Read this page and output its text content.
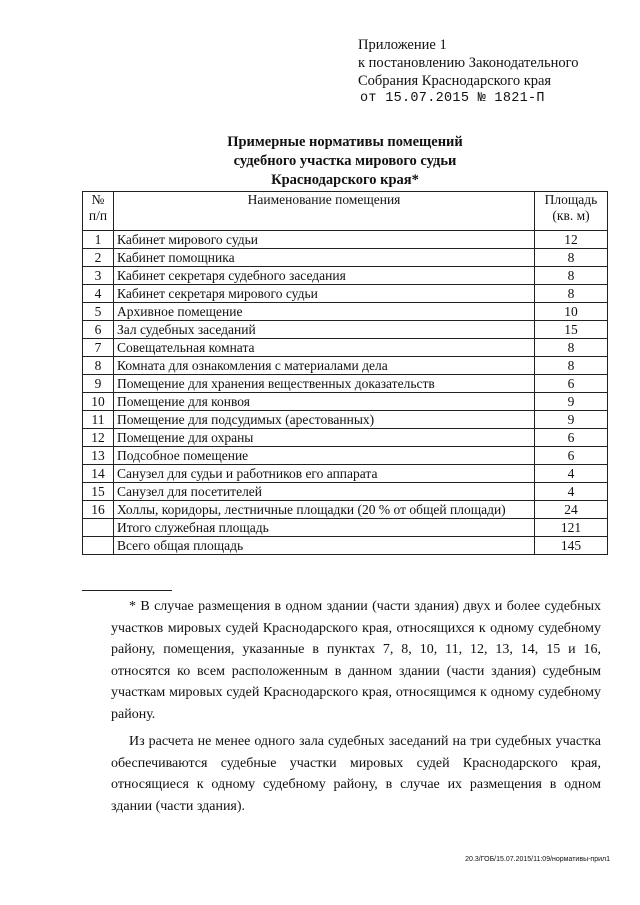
Приложение 1
к постановлению Законодательного
Собрания Краснодарского края
от 15.07.2015 № 1821-П
Примерные нормативы помещений
судебного участка мирового судьи
Краснодарского края*
№ п/п	Наименование помещения	Площадь (кв. м)
1	Кабинет мирового судьи	12
2	Кабинет помощника	8
3	Кабинет секретаря судебного заседания	8
4	Кабинет секретаря мирового судьи	8
5	Архивное помещение	10
6	Зал судебных заседаний	15
7	Совещательная комната	8
8	Комната для ознакомления с материалами дела	8
9	Помещение для хранения вещественных доказательств	6
10	Помещение для конвоя	9
11	Помещение для подсудимых (арестованных)	9
12	Помещение для охраны	6
13	Подсобное помещение	6
14	Санузел для судьи и работников его аппарата	4
15	Санузел для посетителей	4
16	Холлы, коридоры, лестничные площадки (20 % от общей площади)	24
	Итого служебная площадь	121
	Всего общая площадь	145

* В случае размещения в одном здании (части здания) двух и более судебных участков мировых судей Краснодарского края, относящихся к одному судебному району, помещения, указанные в пунктах 7, 8, 10, 11, 12, 13, 14, 15 и 16, относятся ко всем расположенным в данном здании (части здания) судебным участкам мировых судей Краснодарского края, относящимся к одному судебному району.

Из расчета не менее одного зала судебных заседаний на три судебных участка обеспечиваются судебные участки мировых судей Краснодарского края, относящиеся к одному судебному району, в случае их размещения в одном здании (части здания).

20.3/ГОБ/15.07.2015/11:09/нормативы-прил1
